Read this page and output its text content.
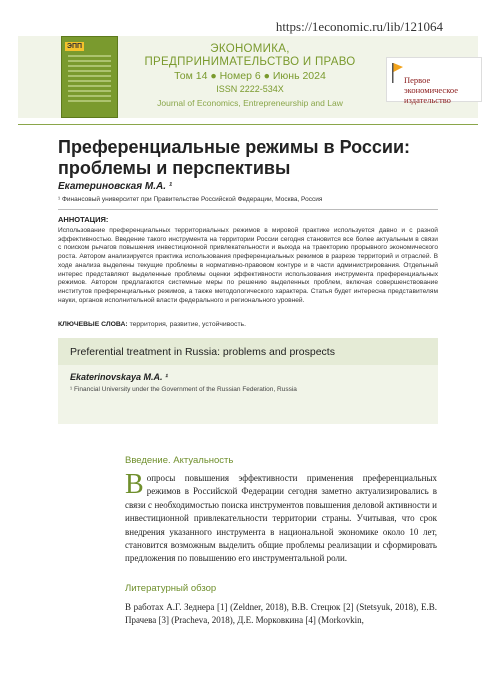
https://1economic.ru/lib/121064
ЭПП	ЭКОНОМИКА, ПРЕДПРИНИМАТЕЛЬСТВО И ПРАВО
Том 14 ● Номер 6 ● Июнь 2024
ISSN 2222-534X
Journal of Economics, Entrepreneurship and Law
Первое экономическое издательство
Преференциальные режимы в России: проблемы и перспективы
Екатериновская М.А. ¹
¹ Финансовый университет при Правительстве Российской Федерации, Москва, Россия
АННОТАЦИЯ:

Использование преференциальных территориальных режимов в мировой практике используется давно и с разной эффективностью. Введение такого инструмента на территории России сегодня становится все более актуальным в связи с поиском рычагов повышения инвестиционной привлекательности и выхода на траекторию прорывного экономического роста. Автором анализируется практика использования преференциальных режимов в разрезе территорий и отраслей. В ходе анализа выделены текущие проблемы в нормативно-правовом контуре и в части администрирования. Отдельный интерес представляют выделенные проблемы оценки эффективности использования инструмента преференциальных режимов. Автором предлагаются системные меры по решению выделенных проблем, включая совершенствование институтов преференциальных режимов, а также методологического характера. Статья будет интересна представителям науки, органов исполнительной власти федерального и регионального уровней.

КЛЮЧЕВЫЕ СЛОВА: территория, развитие, устойчивость.
Preferential treatment in Russia: problems and prospects
Ekaterinovskaya M.A. ¹
¹ Financial University under the Government of the Russian Federation, Russia
Введение. Актуальность

Вопросы повышения эффективности применения преференциальных режимов в Российской Федерации сегодня заметно актуализировались в связи с необходимостью поиска инструментов повышения деловой активности и инвестиционной привлекательности территории страны. Учитывая, что срок внедрения указанного инструмента в национальной экономике около 10 лет, становится возможным выделить общие проблемы реализации и сформировать предложения по повышению его инструментальной роли.

Литературный обзор

В работах А.Г. Зеднера [1] (Zeldner, 2018), В.В. Стецюк [2] (Stetsyuk, 2018), Е.В. Прачева [3] (Pracheva, 2018), Д.Е. Морковкина [4] (Morkovkin,
